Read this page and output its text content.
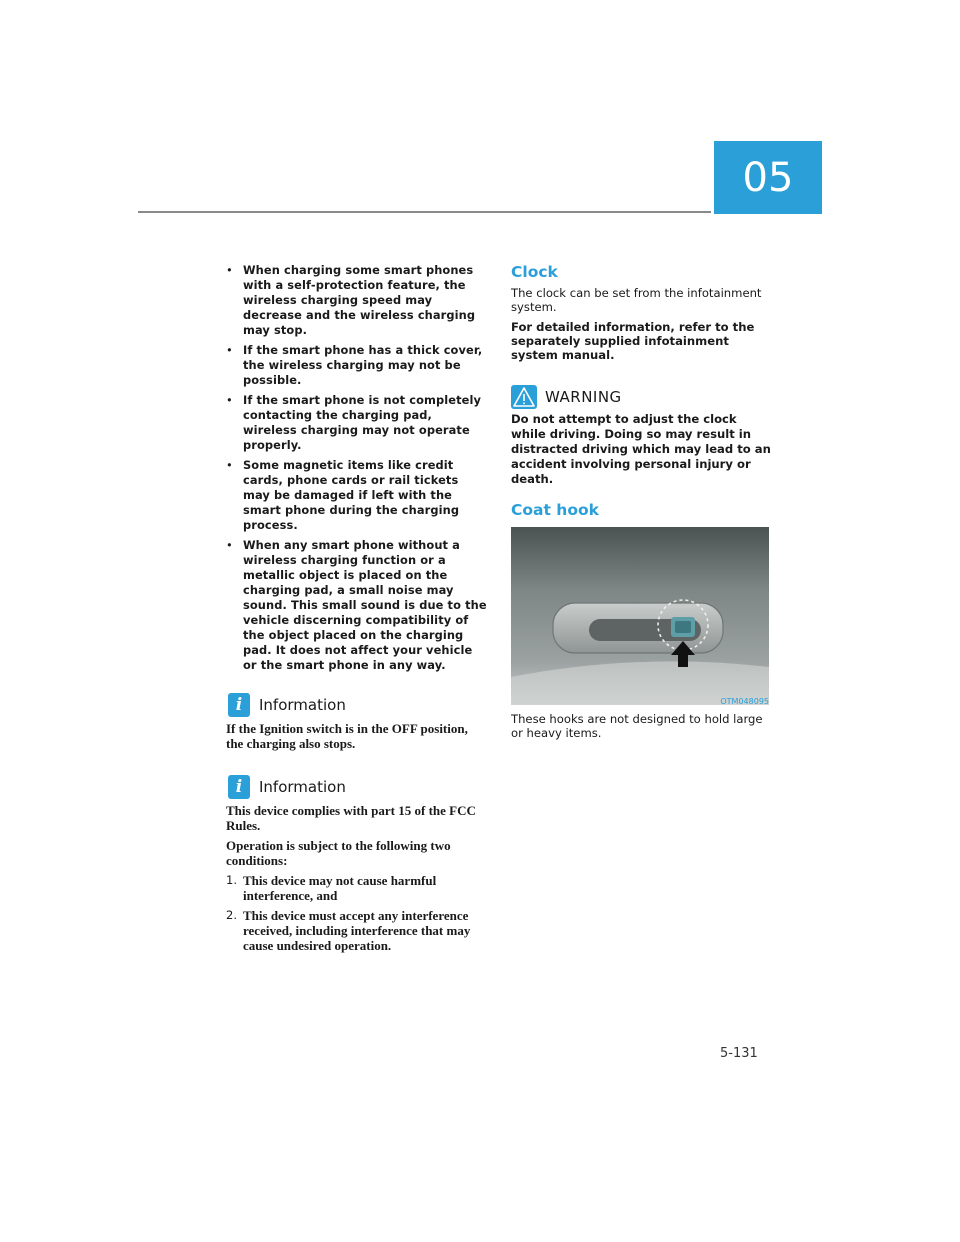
05
• When charging some smart phones with a self-protection feature, the wireless charging speed may decrease and the wireless charging may stop.
• If the smart phone has a thick cover, the wireless charging may not be possible.
• If the smart phone is not completely contacting the charging pad, wireless charging may not operate properly.
• Some magnetic items like credit cards, phone cards or rail tickets may be damaged if left with the smart phone during the charging process.
• When any smart phone without a wireless charging function or a metallic object is placed on the charging pad, a small noise may sound. This small sound is due to the vehicle discerning compatibility of the object placed on the charging pad. It does not affect your vehicle or the smart phone in any way.
i	Information

If the Ignition switch is in the OFF position, the charging also stops.

i	Information

This device complies with part 15 of the FCC Rules.

Operation is subject to the following two conditions:

1. This device may not cause harmful interference, and
2. This device must accept any interference received, including interference that may cause undesired operation.
Clock

The clock can be set from the infotainment system.

For detailed information, refer to the separately supplied infotainment system manual.

WARNING
Do not attempt to adjust the clock while driving. Doing so may result in distracted driving which may lead to an accident involving personal injury or death.
Coat hook
OTM048095
These hooks are not designed to hold large or heavy items.
5-131
